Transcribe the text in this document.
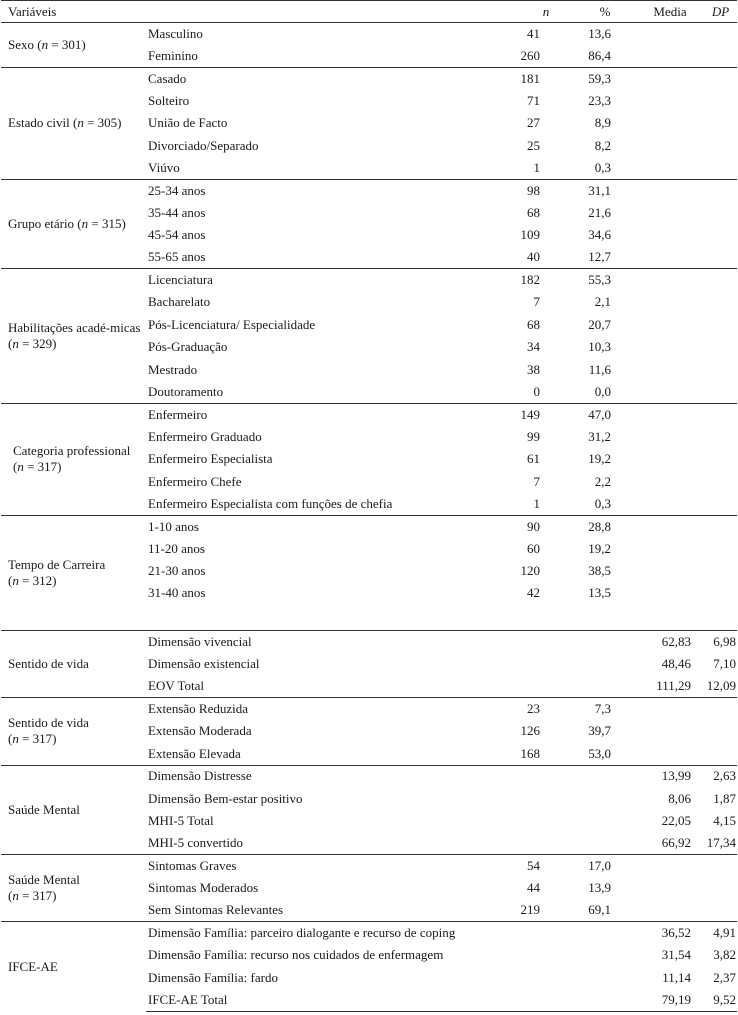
Variáveis		n	%	Media	DP
Sexo (n = 301)	Masculino	41	13,6		
	Feminino	260	86,4		
Estado civil (n = 305)	Casado	181	59,3		
	Solteiro	71	23,3		
	União de Facto	27	8,9		
	Divorciado/Separado	25	8,2		
	Viúvo	1	0,3		
Grupo etário (n = 315)	25-34 anos	98	31,1		
	35-44 anos	68	21,6		
	45-54 anos	109	34,6		
	55-65 anos	40	12,7		
Habilitações acadé-micas
(n = 329)	Licenciatura	182	55,3		
	Bacharelato	7	2,1		
	Pós-Licenciatura/ Especialidade	68	20,7		
	Pós-Graduação	34	10,3		
	Mestrado	38	11,6		
	Doutoramento	0	0,0		
Categoria professional
(n = 317)	Enfermeiro	149	47,0		
	Enfermeiro Graduado	99	31,2		
	Enfermeiro Especialista	61	19,2		
	Enfermeiro Chefe	7	2,2		
	Enfermeiro Especialista com funções de chefia	1	0,3		
Tempo de Carreira
(n = 312)	1-10 anos	90	28,8		
	11-20 anos	60	19,2		
	21-30 anos	120	38,5		
	31-40 anos	42	13,5		

Sentido de vida	Dimensão vivencial			62,83	6,98
	Dimensão existencial			48,46	7,10
	EOV Total			111,29	12,09
Sentido de vida
(n = 317)	Extensão Reduzida	23	7,3		
	Extensão Moderada	126	39,7		
	Extensão Elevada	168	53,0		
Saúde Mental	Dimensão Distresse			13,99	2,63
	Dimensão Bem-estar positivo			8,06	1,87
	MHI-5 Total			22,05	4,15
	MHI-5 convertido			66,92	17,34
Saúde Mental
(n = 317)	Sintomas Graves	54	17,0		
	Sintomas Moderados	44	13,9		
	Sem Sintomas Relevantes	219	69,1		
IFCE-AE	Dimensão Família: parceiro dialogante e recurso de coping			36,52	4,91
	Dimensão Família: recurso nos cuidados de enfermagem			31,54	3,82
	Dimensão Família: fardo			11,14	2,37
	IFCE-AE Total			79,19	9,52
